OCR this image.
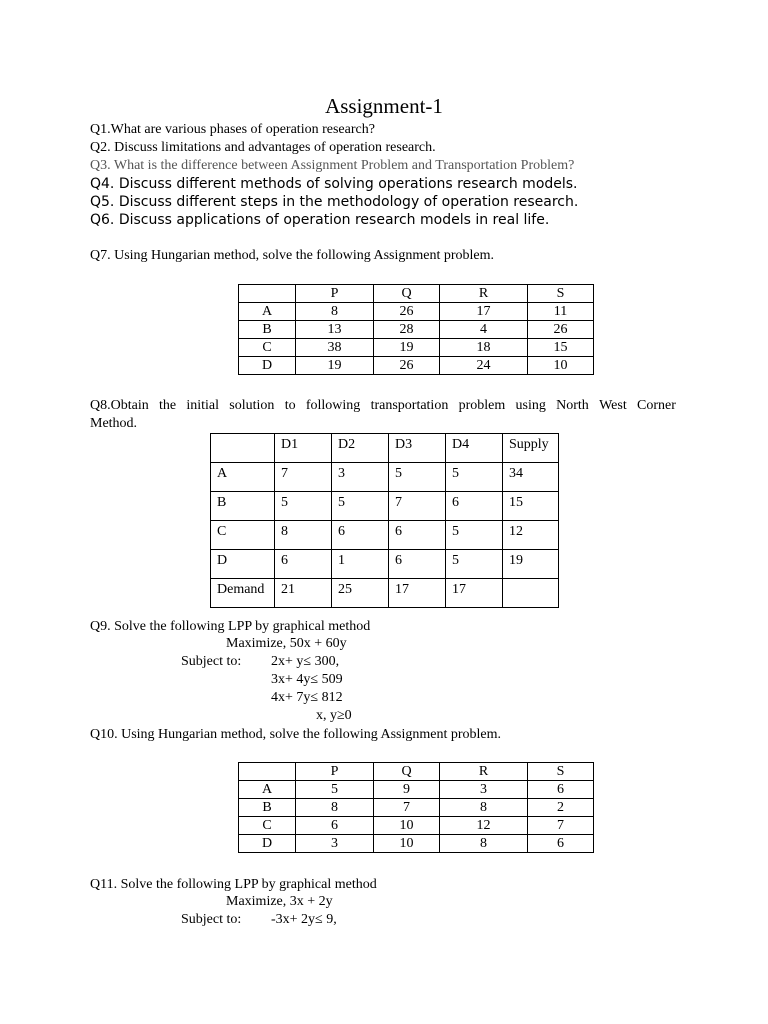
Assignment-1
Q1.What are various phases of operation research?
Q2. Discuss limitations and advantages of operation research.
Q3. What is the difference between Assignment Problem and Transportation Problem?
Q4. Discuss different methods of solving operations research models.
Q5. Discuss different steps in the methodology of operation research.
Q6. Discuss applications of operation research models in real life.
Q7. Using Hungarian method, solve the following Assignment problem.
	P	Q	R	S
A	8	26	17	11
B	13	28	4	26
C	38	19	18	15
D	19	26	24	10
Q8.Obtain the initial solution to following transportation problem using North West Corner
Method.
	D1	D2	D3	D4	Supply
A	7	3	5	5	34
B	5	5	7	6	15
C	8	6	6	5	12
D	6	1	6	5	19
Demand	21	25	17	17	
Q9. Solve the following LPP by graphical method
Maximize, 50x + 60y
Subject to: 2x+ y≤ 300,
3x+ 4y≤ 509
4x+ 7y≤ 812
x, y≥0
Q10. Using Hungarian method, solve the following Assignment problem.
	P	Q	R	S
A	5	9	3	6
B	8	7	8	2
C	6	10	12	7
D	3	10	8	6
Q11. Solve the following LPP by graphical method
Maximize, 3x + 2y
Subject to: -3x+ 2y≤ 9,
